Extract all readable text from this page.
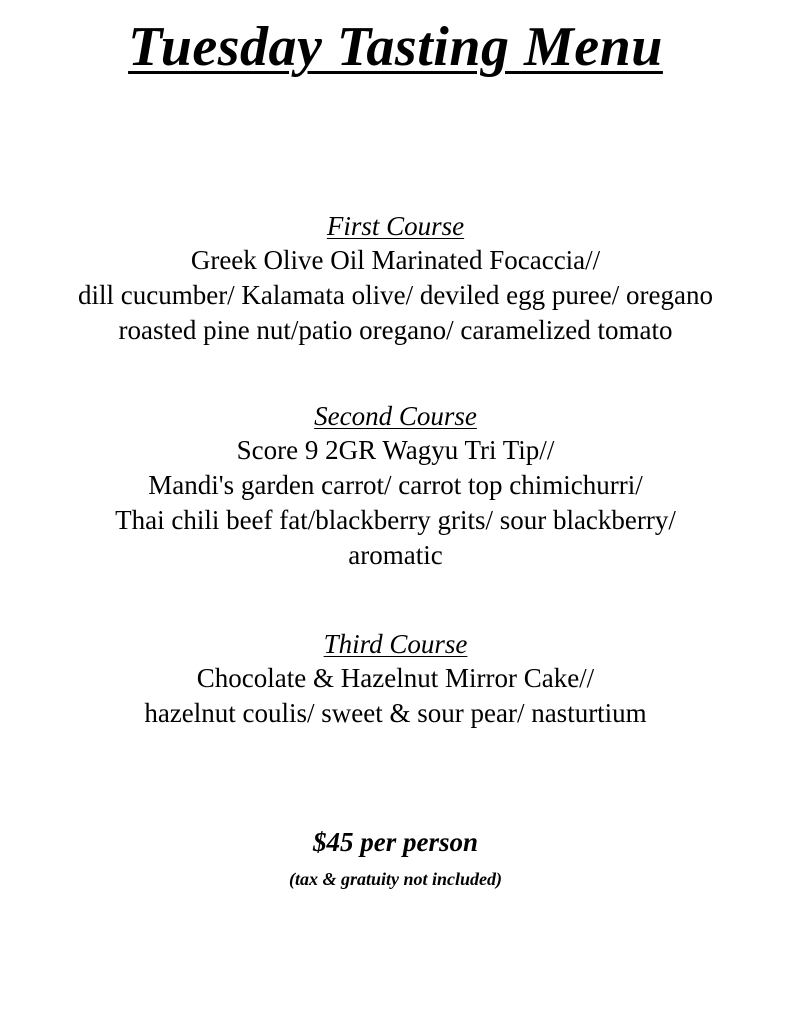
Tuesday Tasting Menu
First Course
Greek Olive Oil Marinated Focaccia//
dill cucumber/ Kalamata olive/ deviled egg puree/ oregano
roasted pine nut/patio oregano/ caramelized tomato
Second Course
Score 9 2GR Wagyu Tri Tip//
Mandi's garden carrot/ carrot top chimichurri/
Thai chili beef fat/blackberry grits/ sour blackberry/
aromatic
Third Course
Chocolate & Hazelnut Mirror Cake//
hazelnut coulis/ sweet & sour pear/ nasturtium
$45 per person
(tax & gratuity not included)
